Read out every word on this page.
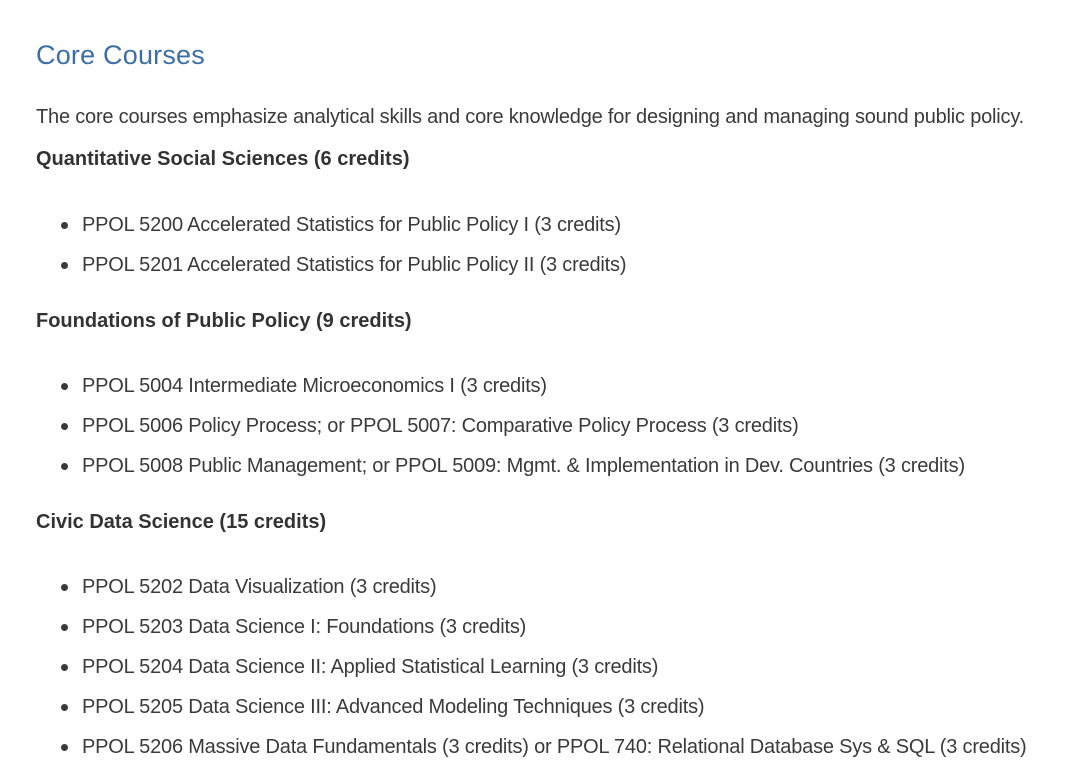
Core Courses

The core courses emphasize analytical skills and core knowledge for designing and managing sound public policy.

Quantitative Social Sciences (6 credits)
PPOL 5200 Accelerated Statistics for Public Policy I (3 credits)
PPOL 5201 Accelerated Statistics for Public Policy II (3 credits)
Foundations of Public Policy (9 credits)
PPOL 5004 Intermediate Microeconomics I (3 credits)
PPOL 5006 Policy Process; or PPOL 5007: Comparative Policy Process (3 credits)
PPOL 5008 Public Management; or PPOL 5009: Mgmt. & Implementation in Dev. Countries (3 credits)
Civic Data Science (15 credits)
PPOL 5202 Data Visualization (3 credits)
PPOL 5203 Data Science I: Foundations (3 credits)
PPOL 5204 Data Science II: Applied Statistical Learning (3 credits)
PPOL 5205 Data Science III: Advanced Modeling Techniques (3 credits)
PPOL 5206 Massive Data Fundamentals (3 credits) or PPOL 740: Relational Database Sys & SQL (3 credits)
